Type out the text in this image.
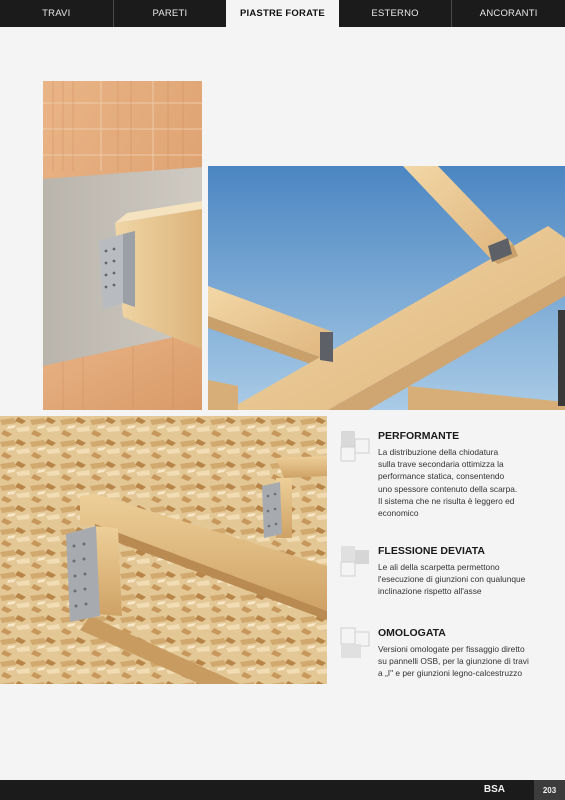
TRAVI	PARETI	PIASTRE FORATE	ESTERNO	ANCORANTI
PERFORMANTE
La distribuzione della chiodatura
sulla trave secondaria ottimizza la
performance statica, consentendo
uno spessore contenuto della scarpa.
Il sistema che ne risulta è leggero ed
economico
FLESSIONE DEVIATA
Le ali della scarpetta permettono
l'esecuzione di giunzioni con qualunque
inclinazione rispetto all'asse
OMOLOGATA
Versioni omologate per fissaggio diretto
su pannelli OSB, per la giunzione di travi
a „I" e per giunzioni legno-calcestruzzo
BSA	203
